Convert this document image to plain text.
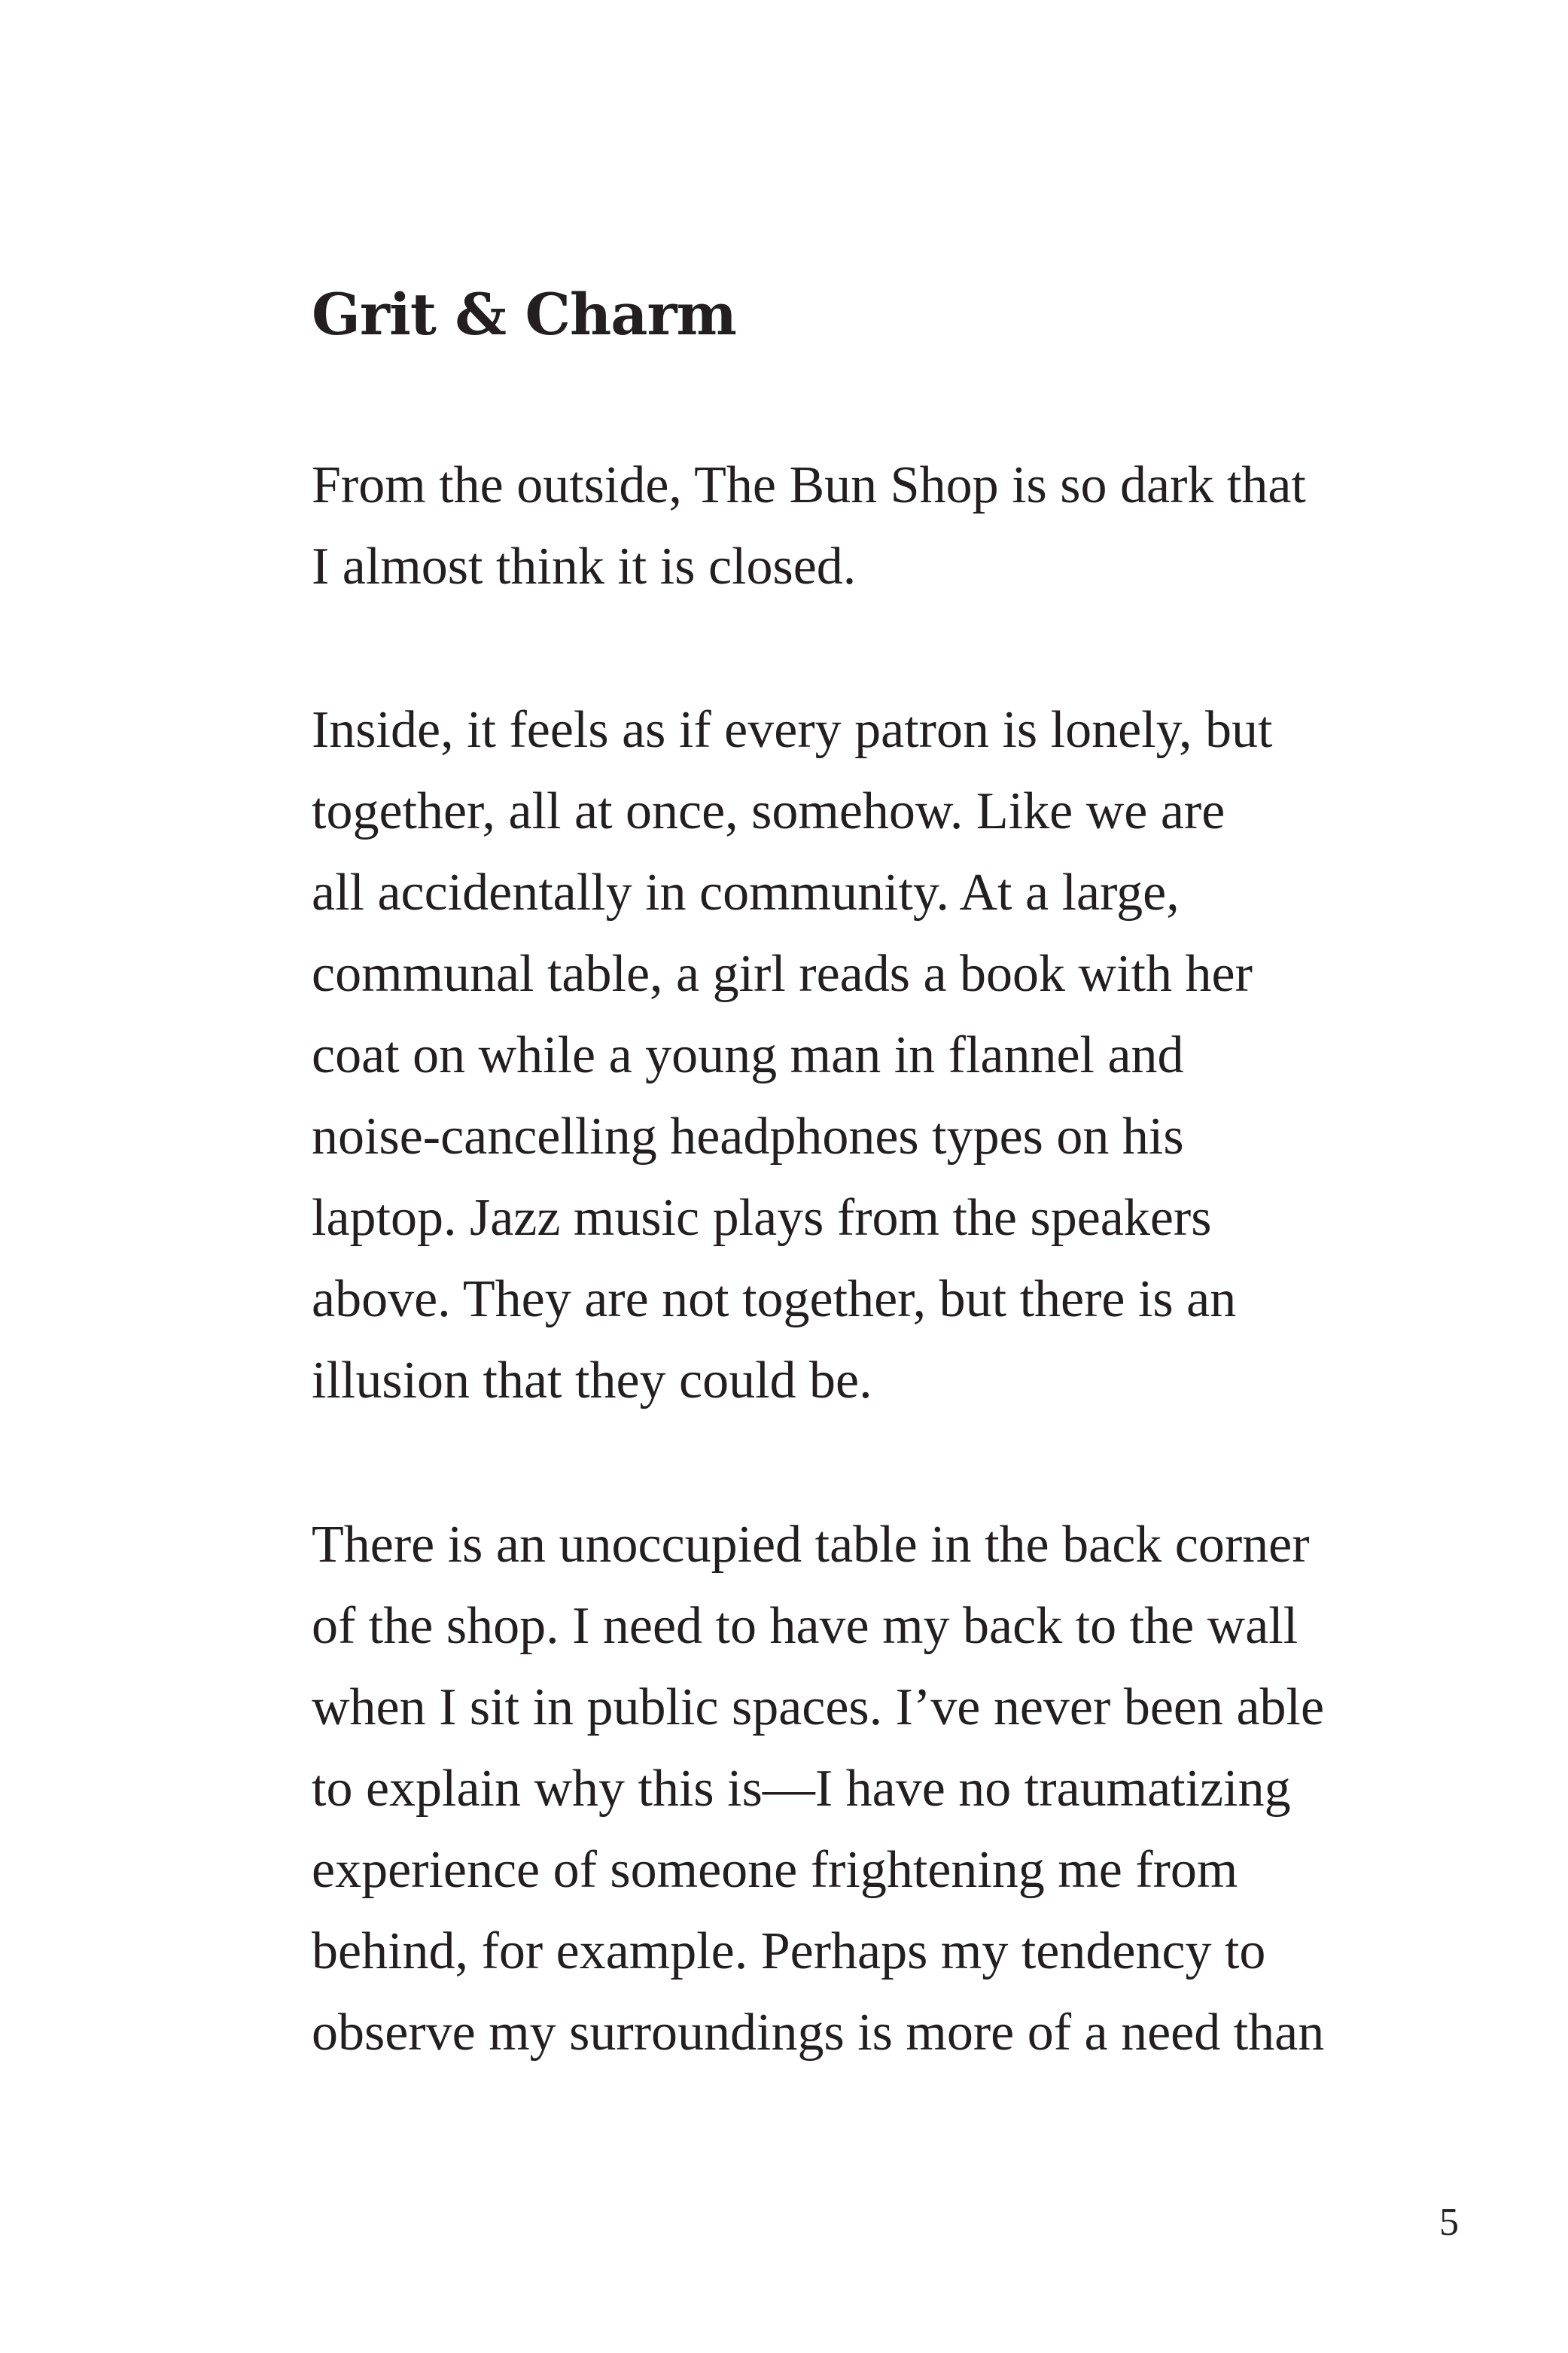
Grit & Charm

From the outside, The Bun Shop is so dark that
I almost think it is closed.

Inside, it feels as if every patron is lonely, but
together, all at once, somehow. Like we are
all accidentally in community. At a large,
communal table, a girl reads a book with her
coat on while a young man in flannel and
noise-cancelling headphones types on his
laptop. Jazz music plays from the speakers
above. They are not together, but there is an
illusion that they could be.

There is an unoccupied table in the back corner
of the shop. I need to have my back to the wall
when I sit in public spaces. I’ve never been able
to explain why this is—I have no traumatizing
experience of someone frightening me from
behind, for example. Perhaps my tendency to
observe my surroundings is more of a need than

5
